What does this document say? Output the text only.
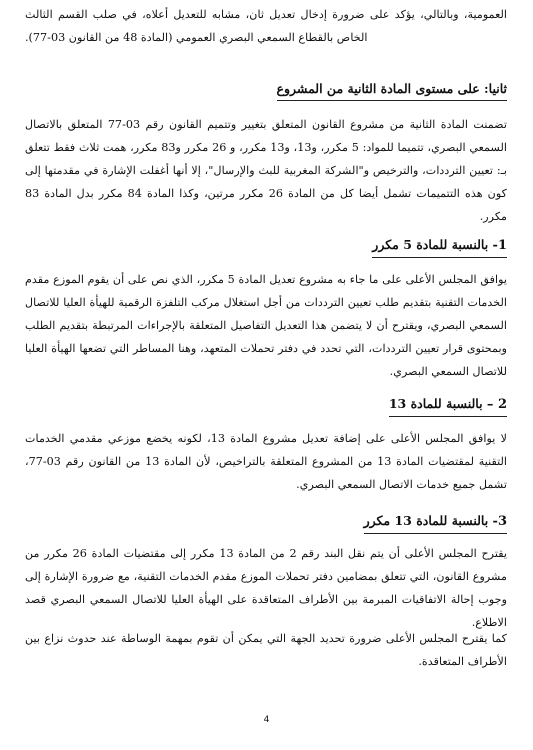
العمومية، وبالتالي، يؤكد على ضرورة إدخال تعديل ثان، مشابه للتعديل أعلاه، في صلب القسم الثالث الخاص بالقطاع السمعي البصري العمومي (المادة 48 من القانون 03-77).

ثانيا: على مستوى المادة الثانية من المشروع

تضمنت المادة الثانية من مشروع القانون المتعلق بتغيير وتتميم القانون رقم 03-77 المتعلق بالاتصال السمعي البصري، تتميما للمواد: 5 مكرر، و13، و13 مكرر، و 26 مكرر و83 مكرر، همت ثلاث فقط تتعلق بـ: تعيين الترددات، والترخيص و"الشركة المغربية للبث والإرسال"، إلا أنها أغفلت الإشارة في مقدمتها إلى كون هذه التتميمات تشمل أيضا كل من المادة 26 مكرر مرتين، وكذا المادة 84 مكرر بدل المادة 83 مكرر.

1- بالنسبة للمادة 5 مكرر

يوافق المجلس الأعلى على ما جاء به مشروع تعديل المادة 5 مكرر، الذي نص على أن يقوم الموزع مقدم الخدمات التقنية بتقديم طلب تعيين الترددات من أجل استغلال مركب التلفزة الرقمية للهيأة العليا للاتصال السمعي البصري، ويقترح أن لا يتضمن هذا التعديل التفاصيل المتعلقة بالإجراءات المرتبطة بتقديم الطلب وبمحتوى قرار تعيين الترددات، التي تحدد في دفتر تحملات المتعهد، وهنا المساطر التي تضعها الهيأة العليا للاتصال السمعي البصري.

2 – بالنسبة للمادة 13

لا يوافق المجلس الأعلى على إضافة تعديل مشروع المادة 13، لكونه يخضع موزعي مقدمي الخدمات التقنية لمقتضيات المادة 13 من المشروع المتعلقة بالتراخيص، لأن المادة 13 من القانون رقم 03-77، تشمل جميع خدمات الاتصال السمعي البصري.

3- بالنسبة للمادة 13 مكرر

يقترح المجلس الأعلى أن يتم نقل البند رقم 2 من المادة 13 مكرر إلى مقتضيات المادة 26 مكرر من مشروع القانون، التي تتعلق بمضامين دفتر تحملات الموزع مقدم الخدمات التقنية، مع ضرورة الإشارة إلى وجوب إحالة الاتفاقيات المبرمة بين الأطراف المتعاقدة على الهيأة العليا للاتصال السمعي البصري قصد الاطلاع.

كما يقترح المجلس الأعلى ضرورة تحديد الجهة التي يمكن أن تقوم بمهمة الوساطة عند حدوث نزاع بين الأطراف المتعاقدة.

4
